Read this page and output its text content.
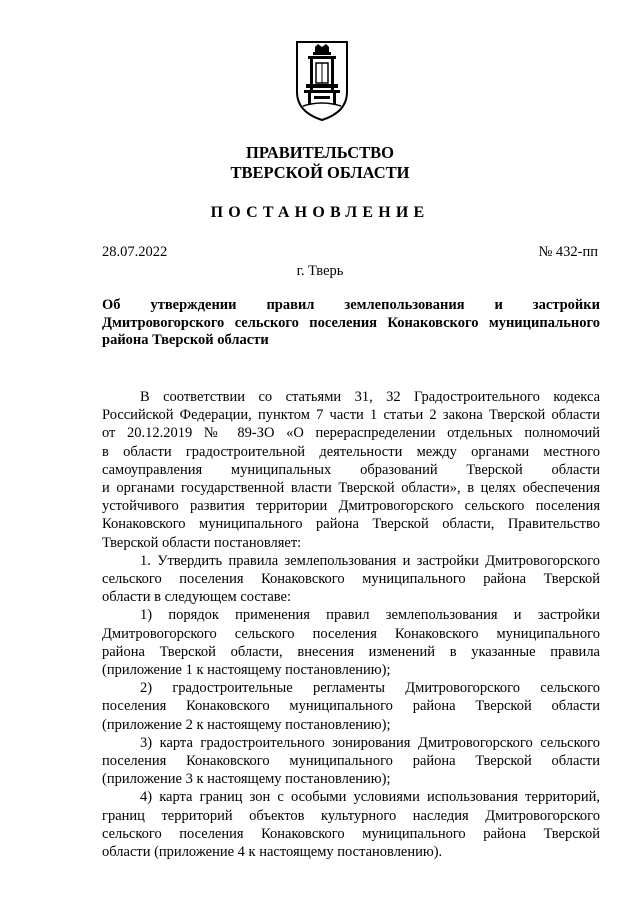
ПРАВИТЕЛЬСТВО
ТВЕРСКОЙ ОБЛАСТИ
ПОСТАНОВЛЕНИЕ
28.07.2022	№ 432-пп
г. Тверь
Об утверждении правил землепользования и застройки
Дмитровогорского сельского поселения Конаковского муниципального
района Тверской области
В соответствии со статьями 31, 32 Градостроительного кодекса
Российской Федерации, пунктом 7 части 1 статьи 2 закона Тверской области
от 20.12.2019 № 89-ЗО «О перераспределении отдельных полномочий
в области градостроительной деятельности между органами местного
самоуправления муниципальных образований Тверской области
и органами государственной власти Тверской области», в целях обеспечения
устойчивого развития территории Дмитровогорского сельского поселения
Конаковского муниципального района Тверской области, Правительство
Тверской области постановляет:
1. Утвердить правила землепользования и застройки Дмитровогорского
сельского поселения Конаковского муниципального района Тверской
области в следующем составе:
1) порядок применения правил землепользования и застройки
Дмитровогорского сельского поселения Конаковского муниципального
района Тверской области, внесения изменений в указанные правила
(приложение 1 к настоящему постановлению);
2) градостроительные регламенты Дмитровогорского сельского
поселения Конаковского муниципального района Тверской области
(приложение 2 к настоящему постановлению);
3) карта градостроительного зонирования Дмитровогорского сельского
поселения Конаковского муниципального района Тверской области
(приложение 3 к настоящему постановлению);
4) карта границ зон с особыми условиями использования территорий,
границ территорий объектов культурного наследия Дмитровогорского
сельского поселения Конаковского муниципального района Тверской
области (приложение 4 к настоящему постановлению).
